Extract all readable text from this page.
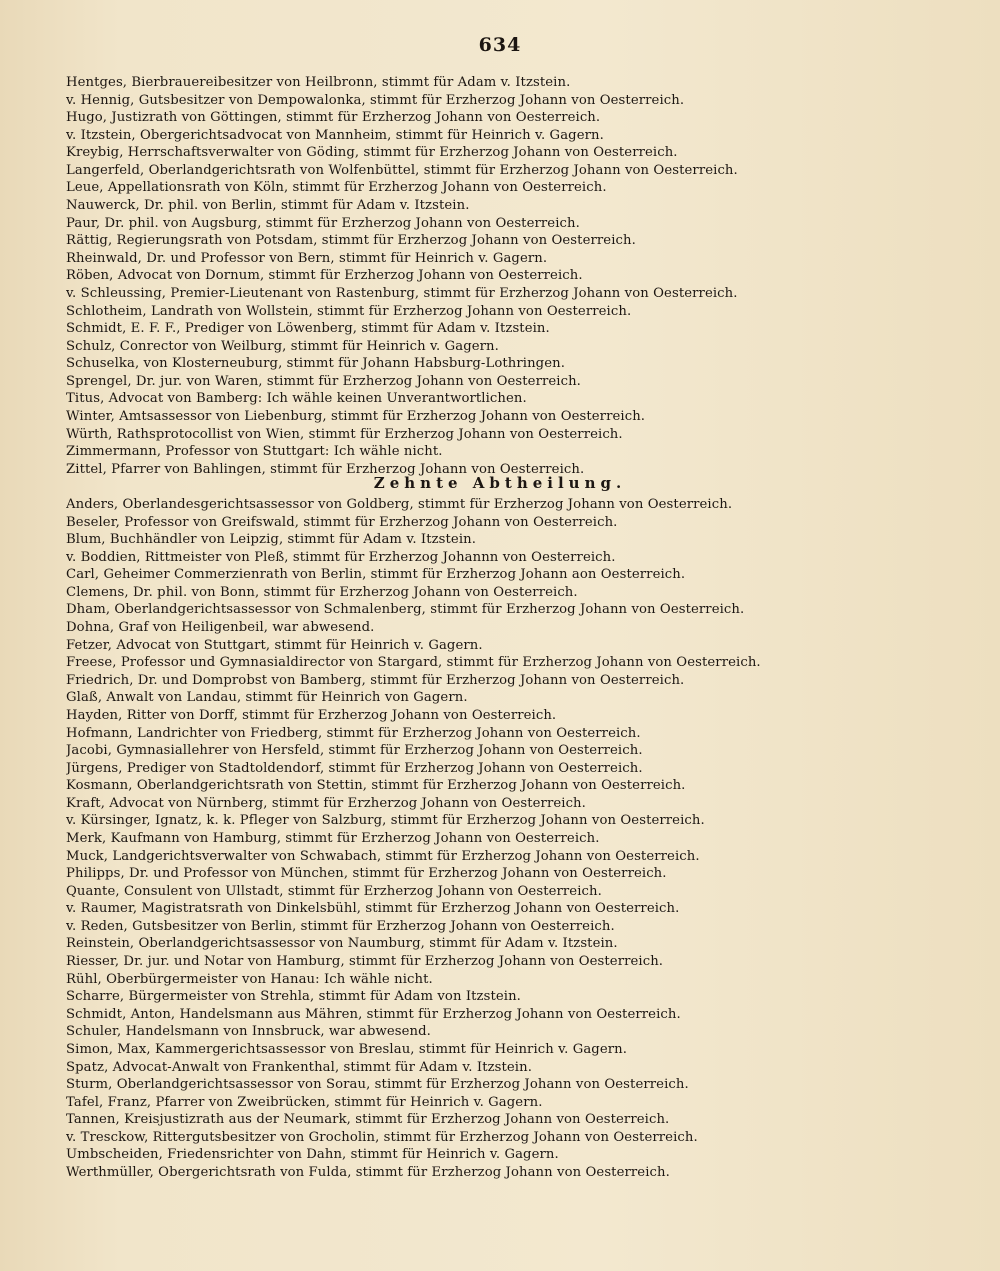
634
Hentges, Bierbrauereibesitzer von Heilbronn, stimmt für Adam v. Itzstein.
v. Hennig, Gutsbesitzer von Dempowalonka, stimmt für Erzherzog Johann von Oesterreich.
Hugo, Justizrath von Göttingen, stimmt für Erzherzog Johann von Oesterreich.
v. Itzstein, Obergerichtsadvocat von Mannheim, stimmt für Heinrich v. Gagern.
Kreybig, Herrschaftsverwalter von Göding, stimmt für Erzherzog Johann von Oesterreich.
Langerfeld, Oberlandgerichtsrath von Wolfenbüttel, stimmt für Erzherzog Johann von Oesterreich.
Leue, Appellationsrath von Köln, stimmt für Erzherzog Johann von Oesterreich.
Nauwerck, Dr. phil. von Berlin, stimmt für Adam v. Itzstein.
Paur, Dr. phil. von Augsburg, stimmt für Erzherzog Johann von Oesterreich.
Rättig, Regierungsrath von Potsdam, stimmt für Erzherzog Johann von Oesterreich.
Rheinwald, Dr. und Professor von Bern, stimmt für Heinrich v. Gagern.
Röben, Advocat von Dornum, stimmt für Erzherzog Johann von Oesterreich.
v. Schleussing, Premier-Lieutenant von Rastenburg, stimmt für Erzherzog Johann von Oesterreich.
Schlotheim, Landrath von Wollstein, stimmt für Erzherzog Johann von Oesterreich.
Schmidt, E. F. F., Prediger von Löwenberg, stimmt für Adam v. Itzstein.
Schulz, Conrector von Weilburg, stimmt für Heinrich v. Gagern.
Schuselka, von Klosterneuburg, stimmt für Johann Habsburg-Lothringen.
Sprengel, Dr. jur. von Waren, stimmt für Erzherzog Johann von Oesterreich.
Titus, Advocat von Bamberg: Ich wähle keinen Unverantwortlichen.
Winter, Amtsassessor von Liebenburg, stimmt für Erzherzog Johann von Oesterreich.
Würth, Rathsprotocollist von Wien, stimmt für Erzherzog Johann von Oesterreich.
Zimmermann, Professor von Stuttgart: Ich wähle nicht.
Zittel, Pfarrer von Bahlingen, stimmt für Erzherzog Johann von Oesterreich.
Zehnte Abtheilung.
Anders, Oberlandesgerichtsassessor von Goldberg, stimmt für Erzherzog Johann von Oesterreich.
Beseler, Professor von Greifswald, stimmt für Erzherzog Johann von Oesterreich.
Blum, Buchhändler von Leipzig, stimmt für Adam v. Itzstein.
v. Boddien, Rittmeister von Pleß, stimmt für Erzherzog Johannn von Oesterreich.
Carl, Geheimer Commerzienrath von Berlin, stimmt für Erzherzog Johann aon Oesterreich.
Clemens, Dr. phil. von Bonn, stimmt für Erzherzog Johann von Oesterreich.
Dham, Oberlandgerichtsassessor von Schmalenberg, stimmt für Erzherzog Johann von Oesterreich.
Dohna, Graf von Heiligenbeil, war abwesend.
Fetzer, Advocat von Stuttgart, stimmt für Heinrich v. Gagern.
Freese, Professor und Gymnasialdirector von Stargard, stimmt für Erzherzog Johann von Oesterreich.
Friedrich, Dr. und Domprobst von Bamberg, stimmt für Erzherzog Johann von Oesterreich.
Glaß, Anwalt von Landau, stimmt für Heinrich von Gagern.
Hayden, Ritter von Dorff, stimmt für Erzherzog Johann von Oesterreich.
Hofmann, Landrichter von Friedberg, stimmt für Erzherzog Johann von Oesterreich.
Jacobi, Gymnasiallehrer von Hersfeld, stimmt für Erzherzog Johann von Oesterreich.
Jürgens, Prediger von Stadtoldendorf, stimmt für Erzherzog Johann von Oesterreich.
Kosmann, Oberlandgerichtsrath von Stettin, stimmt für Erzherzog Johann von Oesterreich.
Kraft, Advocat von Nürnberg, stimmt für Erzherzog Johann von Oesterreich.
v. Kürsinger, Ignatz, k. k. Pfleger von Salzburg, stimmt für Erzherzog Johann von Oesterreich.
Merk, Kaufmann von Hamburg, stimmt für Erzherzog Johann von Oesterreich.
Muck, Landgerichtsverwalter von Schwabach, stimmt für Erzherzog Johann von Oesterreich.
Philipps, Dr. und Professor von München, stimmt für Erzherzog Johann von Oesterreich.
Quante, Consulent von Ullstadt, stimmt für Erzherzog Johann von Oesterreich.
v. Raumer, Magistratsrath von Dinkelsbühl, stimmt für Erzherzog Johann von Oesterreich.
v. Reden, Gutsbesitzer von Berlin, stimmt für Erzherzog Johann von Oesterreich.
Reinstein, Oberlandgerichtsassessor von Naumburg, stimmt für Adam v. Itzstein.
Riesser, Dr. jur. und Notar von Hamburg, stimmt für Erzherzog Johann von Oesterreich.
Rühl, Oberbürgermeister von Hanau: Ich wähle nicht.
Scharre, Bürgermeister von Strehla, stimmt für Adam von Itzstein.
Schmidt, Anton, Handelsmann aus Mähren, stimmt für Erzherzog Johann von Oesterreich.
Schuler, Handelsmann von Innsbruck, war abwesend.
Simon, Max, Kammergerichtsassessor von Breslau, stimmt für Heinrich v. Gagern.
Spatz, Advocat-Anwalt von Frankenthal, stimmt für Adam v. Itzstein.
Sturm, Oberlandgerichtsassessor von Sorau, stimmt für Erzherzog Johann von Oesterreich.
Tafel, Franz, Pfarrer von Zweibrücken, stimmt für Heinrich v. Gagern.
Tannen, Kreisjustizrath aus der Neumark, stimmt für Erzherzog Johann von Oesterreich.
v. Tresckow, Rittergutsbesitzer von Grocholin, stimmt für Erzherzog Johann von Oesterreich.
Umbscheiden, Friedensrichter von Dahn, stimmt für Heinrich v. Gagern.
Werthmüller, Obergerichtsrath von Fulda, stimmt für Erzherzog Johann von Oesterreich.
